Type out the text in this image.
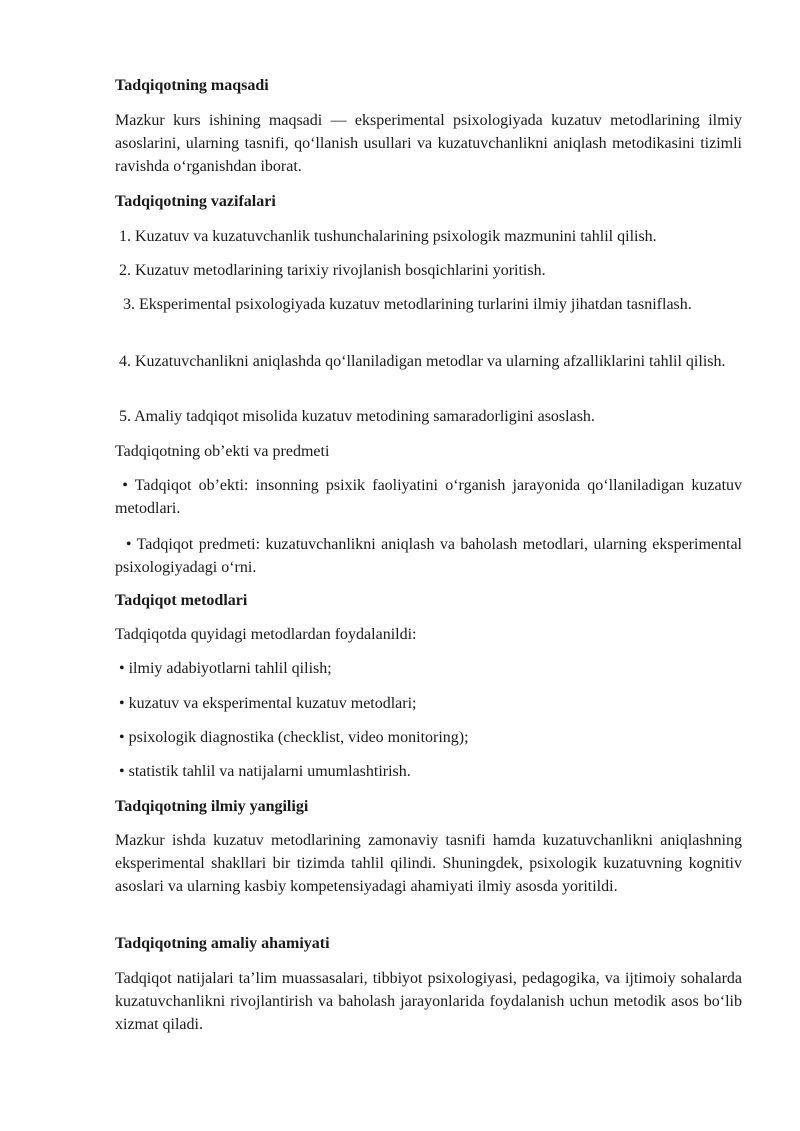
Tadqiqotning maqsadi

Mazkur kurs ishining maqsadi — eksperimental psixologiyada kuzatuv metodlarining ilmiy asoslarini, ularning tasnifi, qo‘llanish usullari va kuzatuvchanlikni aniqlash metodikasini tizimli ravishda o‘rganishdan iborat.

Tadqiqotning vazifalari

1. Kuzatuv va kuzatuvchanlik tushunchalarining psixologik mazmunini tahlil qilish.

2. Kuzatuv metodlarining tarixiy rivojlanish bosqichlarini yoritish.

3. Eksperimental psixologiyada kuzatuv metodlarining turlarini ilmiy jihatdan tasniflash.

4. Kuzatuvchanlikni aniqlashda qo‘llaniladigan metodlar va ularning afzalliklarini tahlil qilish.

5. Amaliy tadqiqot misolida kuzatuv metodining samaradorligini asoslash.

Tadqiqotning ob’ekti va predmeti

• Tadqiqot ob’ekti: insonning psixik faoliyatini o‘rganish jarayonida qo‘llaniladigan kuzatuv metodlari.

• Tadqiqot predmeti: kuzatuvchanlikni aniqlash va baholash metodlari, ularning eksperimental psixologiyadagi o‘rni.

Tadqiqot metodlari

Tadqiqotda quyidagi metodlardan foydalanildi:

• ilmiy adabiyotlarni tahlil qilish;

• kuzatuv va eksperimental kuzatuv metodlari;

• psixologik diagnostika (checklist, video monitoring);

• statistik tahlil va natijalarni umumlashtirish.

Tadqiqotning ilmiy yangiligi

Mazkur ishda kuzatuv metodlarining zamonaviy tasnifi hamda kuzatuvchanlikni aniqlashning eksperimental shakllari bir tizimda tahlil qilindi. Shuningdek, psixologik kuzatuvning kognitiv asoslari va ularning kasbiy kompetensiyadagi ahamiyati ilmiy asosda yoritildi.

Tadqiqotning amaliy ahamiyati

Tadqiqot natijalari ta’lim muassasalari, tibbiyot psixologiyasi, pedagogika, va ijtimoiy sohalarda kuzatuvchanlikni rivojlantirish va baholash jarayonlarida foydalanish uchun metodik asos bo‘lib xizmat qiladi.
